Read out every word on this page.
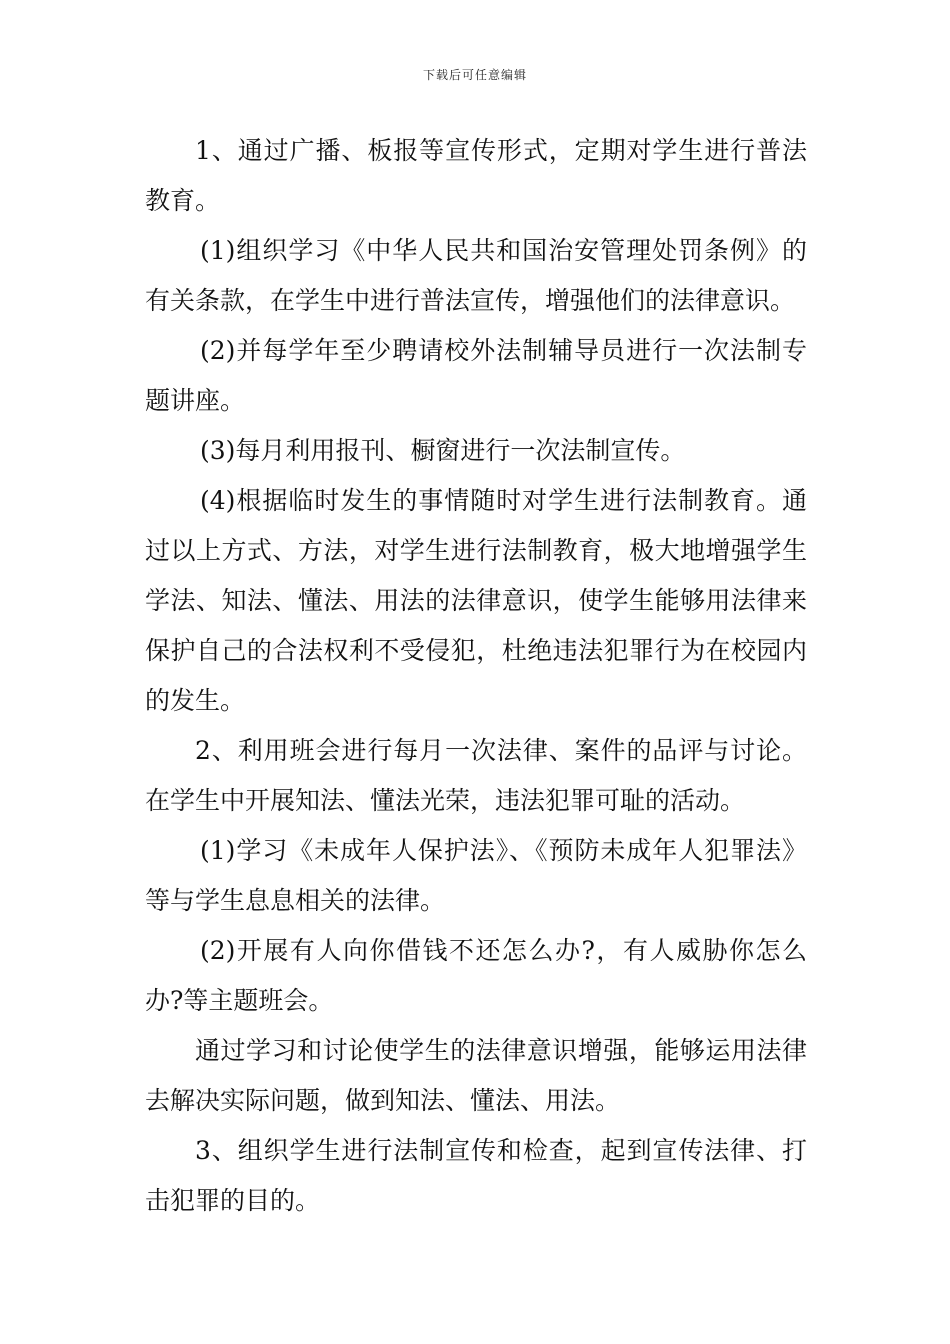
下载后可任意编辑

1、通过广播、板报等宣传形式，定期对学生进行普法教育。

(1)组织学习《中华人民共和国治安管理处罚条例》的有关条款，在学生中进行普法宣传，增强他们的法律意识。

(2)并每学年至少聘请校外法制辅导员进行一次法制专题讲座。

(3)每月利用报刊、橱窗进行一次法制宣传。

(4)根据临时发生的事情随时对学生进行法制教育。通过以上方式、方法，对学生进行法制教育，极大地增强学生学法、知法、懂法、用法的法律意识，使学生能够用法律来保护自己的合法权利不受侵犯，杜绝违法犯罪行为在校园内的发生。

2、利用班会进行每月一次法律、案件的品评与讨论。在学生中开展知法、懂法光荣，违法犯罪可耻的活动。

(1)学习《未成年人保护法》、《预防未成年人犯罪法》等与学生息息相关的法律。

(2)开展有人向你借钱不还怎么办?，有人威胁你怎么办?等主题班会。

通过学习和讨论使学生的法律意识增强，能够运用法律去解决实际问题，做到知法、懂法、用法。

3、组织学生进行法制宣传和检查，起到宣传法律、打击犯罪的目的。
